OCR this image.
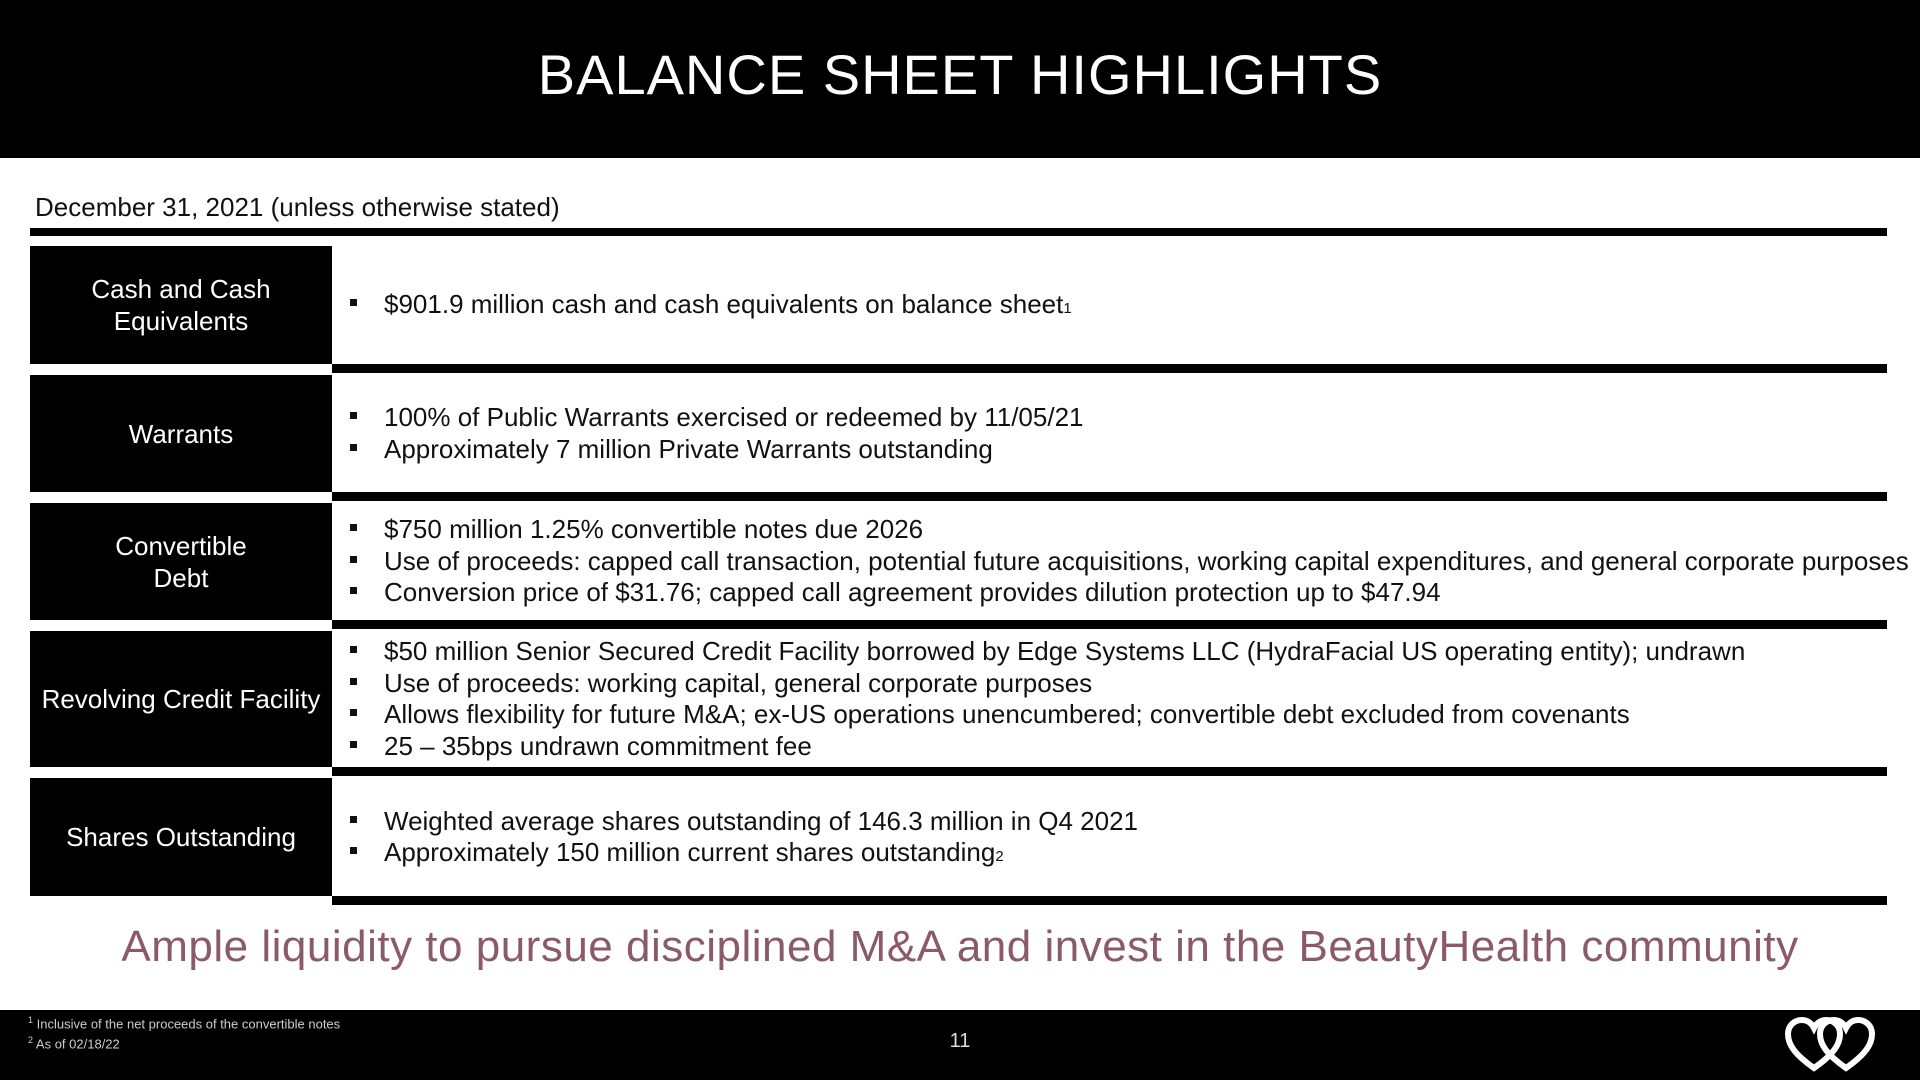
BALANCE SHEET HIGHLIGHTS
December 31, 2021 (unless otherwise stated)
Cash and Cash Equivalents
$901.9 million cash and cash equivalents on balance sheet 1
Warrants
100% of Public Warrants exercised or redeemed by 11/05/21
Approximately 7 million Private Warrants outstanding
Convertible Debt
$750 million 1.25% convertible notes due 2026
Use of proceeds: capped call transaction, potential future acquisitions, working capital expenditures, and general corporate purposes
Conversion price of $31.76; capped call agreement provides dilution protection up to $47.94
Revolving Credit Facility
$50 million Senior Secured Credit Facility borrowed by Edge Systems LLC (HydraFacial US operating entity); undrawn
Use of proceeds: working capital, general corporate purposes
Allows flexibility for future M&A; ex-US operations unencumbered; convertible debt excluded from covenants
25 – 35bps undrawn commitment fee
Shares Outstanding
Weighted average shares outstanding of 146.3 million in Q4 2021
Approximately 150 million current shares outstanding 2
Ample liquidity to pursue disciplined M&A and invest in the BeautyHealth community
$^1$ Inclusive of the net proceeds of the convertible notes
$^2$ As of 02/18/22	11
